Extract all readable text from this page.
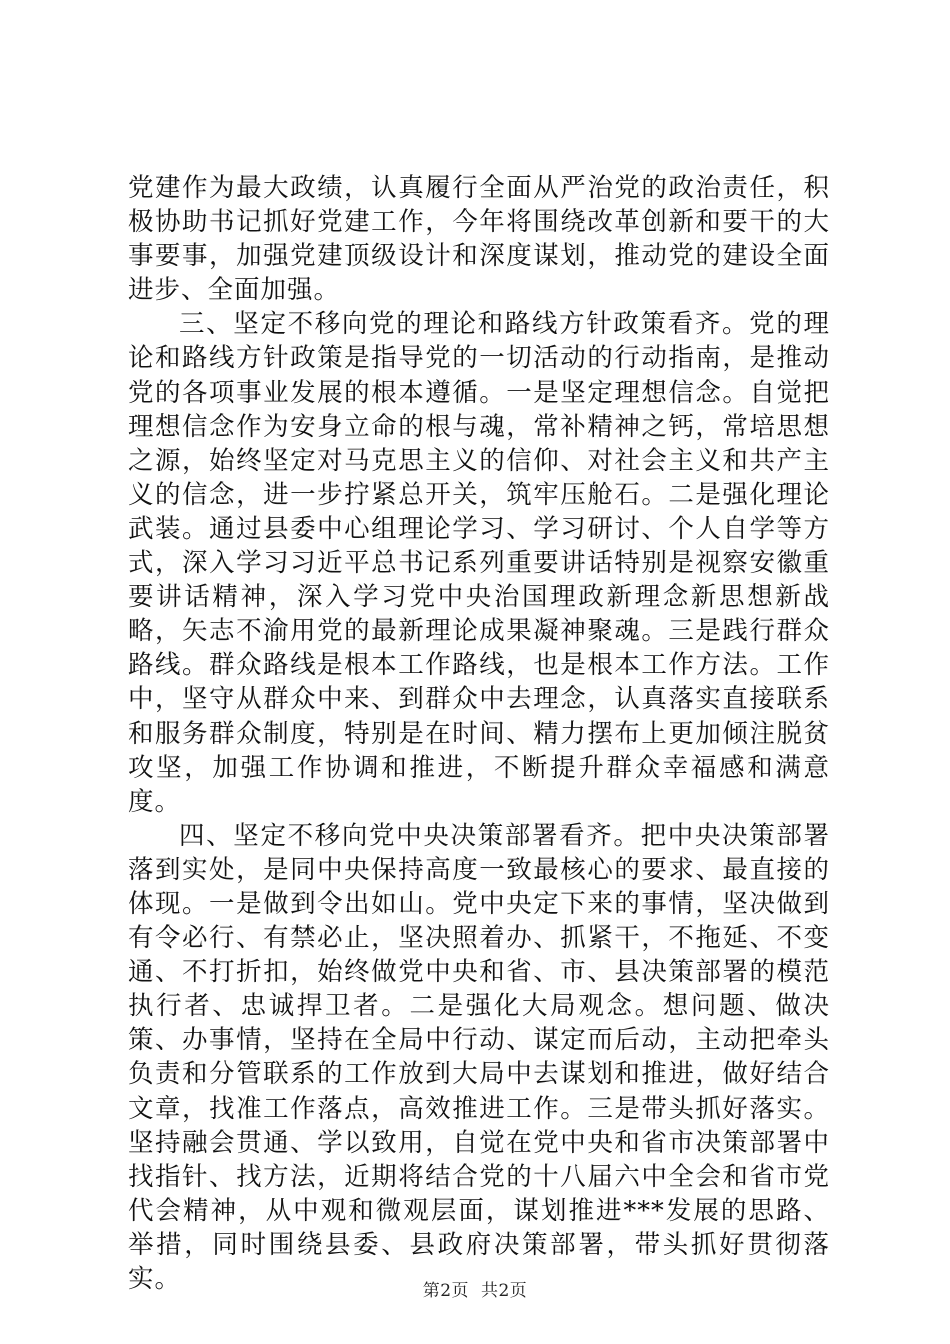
党建作为最大政绩，认真履行全面从严治党的政治责任，积极协助书记抓好党建工作，今年将围绕改革创新和要干的大事要事，加强党建顶级设计和深度谋划，推动党的建设全面进步、全面加强。

三、坚定不移向党的理论和路线方针政策看齐。党的理论和路线方针政策是指导党的一切活动的行动指南，是推动党的各项事业发展的根本遵循。一是坚定理想信念。自觉把理想信念作为安身立命的根与魂，常补精神之钙，常培思想之源，始终坚定对马克思主义的信仰、对社会主义和共产主义的信念，进一步拧紧总开关，筑牢压舱石。二是强化理论武装。通过县委中心组理论学习、学习研讨、个人自学等方式，深入学习习近平总书记系列重要讲话特别是视察安徽重要讲话精神，深入学习党中央治国理政新理念新思想新战略，矢志不渝用党的最新理论成果凝神聚魂。三是践行群众路线。群众路线是根本工作路线，也是根本工作方法。工作中，坚守从群众中来、到群众中去理念，认真落实直接联系和服务群众制度，特别是在时间、精力摆布上更加倾注脱贫攻坚，加强工作协调和推进，不断提升群众幸福感和满意度。

四、坚定不移向党中央决策部署看齐。把中央决策部署落到实处，是同中央保持高度一致最核心的要求、最直接的体现。一是做到令出如山。党中央定下来的事情，坚决做到有令必行、有禁必止，坚决照着办、抓紧干，不拖延、不变通、不打折扣，始终做党中央和省、市、县决策部署的模范执行者、忠诚捍卫者。二是强化大局观念。想问题、做决策、办事情，坚持在全局中行动、谋定而后动，主动把牵头负责和分管联系的工作放到大局中去谋划和推进，做好结合文章，找准工作落点，高效推进工作。三是带头抓好落实。坚持融会贯通、学以致用，自觉在党中央和省市决策部署中找指针、找方法，近期将结合党的十八届六中全会和省市党代会精神，从中观和微观层面，谋划推进***发展的思路、举措，同时围绕县委、县政府决策部署，带头抓好贯彻落实。	第2页 共2页
